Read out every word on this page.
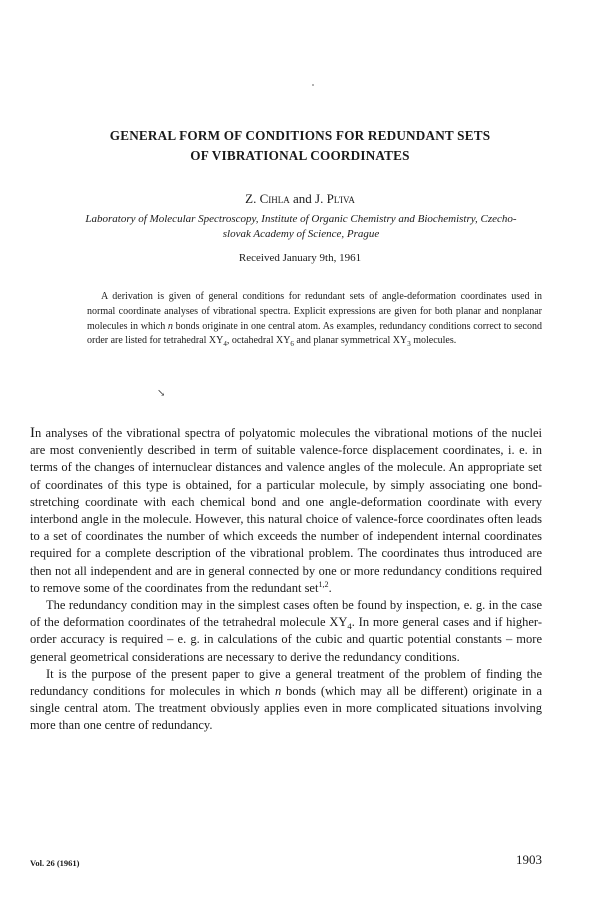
GENERAL FORM OF CONDITIONS FOR REDUNDANT SETS
OF VIBRATIONAL COORDINATES
Z. Cihla and J. Plίva
Laboratory of Molecular Spectroscopy, Institute of Organic Chemistry and Biochemistry, Czecho-
slovak Academy of Science, Prague
Received January 9th, 1961
A derivation is given of general conditions for redundant sets of angle-deformation coordinates used in normal coordinate analyses of vibrational spectra. Explicit expressions are given for both planar and nonplanar molecules in which n bonds originate in one central atom. As examples, redundancy conditions correct to second order are listed for tetrahedral $XY_4$, octahedral $XY_6$ and planar symmetrical $XY_3$ molecules.
↘

In analyses of the vibrational spectra of polyatomic molecules the vibrational motions of the nuclei are most conveniently described in term of suitable valence-force displacement coordinates, i. e. in terms of the changes of internuclear distances and valence angles of the molecule. An appropriate set of coordinates of this type is obtained, for a particular molecule, by simply associating one bond-stretching coordinate with each chemical bond and one angle-deformation coordinate with every interbond angle in the molecule. However, this natural choice of valence-force coordinates often leads to a set of coordinates the number of which exceeds the number of independent internal coordinates required for a complete description of the vibrational problem. The coordinates thus introduced are then not all independent and are in general connected by one or more redundancy conditions required to remove some of the coordinates from the redundant set$^{1,2}$.

The redundancy condition may in the simplest cases often be found by inspection, e. g. in the case of the deformation coordinates of the tetrahedral molecule $XY_4$. In more general cases and if higher-order accuracy is required – e. g. in calculations of the cubic and quartic potential constants – more general geometrical considerations are necessary to derive the redundancy conditions.

It is the purpose of the present paper to give a general treatment of the problem of finding the redundancy conditions for molecules in which n bonds (which may all be different) originate in a single central atom. The treatment obviously applies even in more complicated situations involving more than one centre of redundancy.

Vol. 26 (1961)	1903
